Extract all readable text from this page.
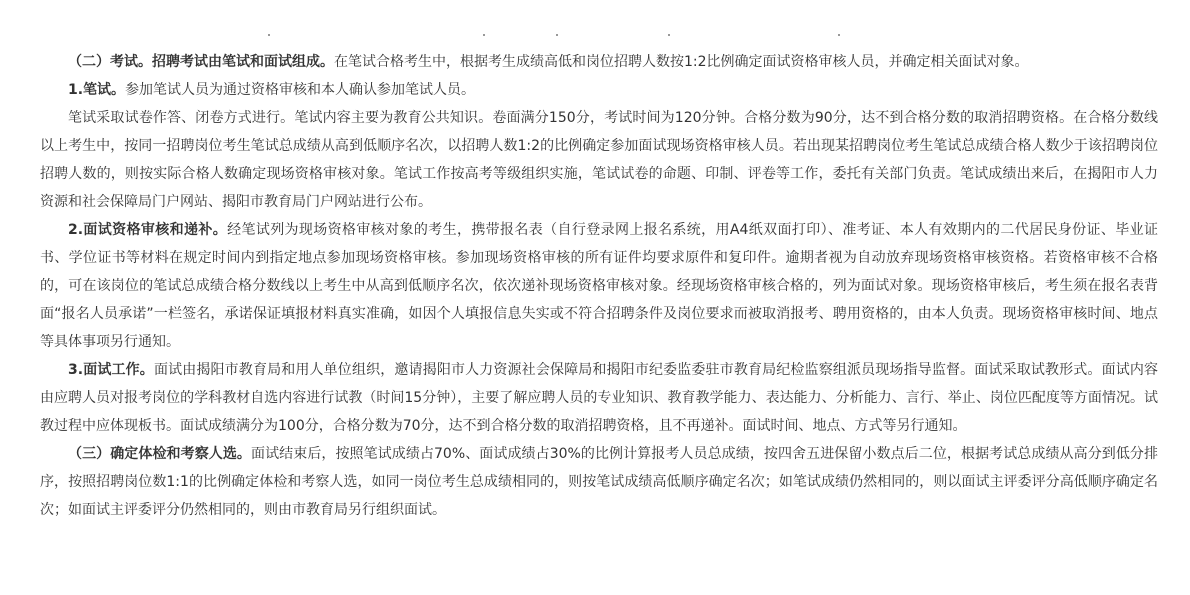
（二）考试。招聘考试由笔试和面试组成。在笔试合格考生中，根据考生成绩高低和岗位招聘人数按1:2比例确定面试资格审核人员，并确定相关面试对象。

1.笔试。参加笔试人员为通过资格审核和本人确认参加笔试人员。

笔试采取试卷作答、闭卷方式进行。笔试内容主要为教育公共知识。卷面满分150分，考试时间为120分钟。合格分数为90分，达不到合格分数的取消招聘资格。在合格分数线以上考生中，按同一招聘岗位考生笔试总成绩从高到低顺序名次，以招聘人数1:2的比例确定参加面试现场资格审核人员。若出现某招聘岗位考生笔试总成绩合格人数少于该招聘岗位招聘人数的，则按实际合格人数确定现场资格审核对象。笔试工作按高考等级组织实施，笔试试卷的命题、印制、评卷等工作，委托有关部门负责。笔试成绩出来后，在揭阳市人力资源和社会保障局门户网站、揭阳市教育局门户网站进行公布。

2.面试资格审核和递补。经笔试列为现场资格审核对象的考生，携带报名表（自行登录网上报名系统，用A4纸双面打印）、准考证、本人有效期内的二代居民身份证、毕业证书、学位证书等材料在规定时间内到指定地点参加现场资格审核。参加现场资格审核的所有证件均要求原件和复印件。逾期者视为自动放弃现场资格审核资格。若资格审核不合格的，可在该岗位的笔试总成绩合格分数线以上考生中从高到低顺序名次，依次递补现场资格审核对象。经现场资格审核合格的，列为面试对象。现场资格审核后，考生须在报名表背面“报名人员承诺”一栏签名，承诺保证填报材料真实准确，如因个人填报信息失实或不符合招聘条件及岗位要求而被取消报考、聘用资格的，由本人负责。现场资格审核时间、地点等具体事项另行通知。

3.面试工作。面试由揭阳市教育局和用人单位组织，邀请揭阳市人力资源社会保障局和揭阳市纪委监委驻市教育局纪检监察组派员现场指导监督。面试采取试教形式。面试内容由应聘人员对报考岗位的学科教材自选内容进行试教（时间15分钟），主要了解应聘人员的专业知识、教育教学能力、表达能力、分析能力、言行、举止、岗位匹配度等方面情况。试教过程中应体现板书。面试成绩满分为100分，合格分数为70分，达不到合格分数的取消招聘资格，且不再递补。面试时间、地点、方式等另行通知。

（三）确定体检和考察人选。面试结束后，按照笔试成绩占70%、面试成绩占30%的比例计算报考人员总成绩，按四舍五进保留小数点后二位，根据考试总成绩从高分到低分排序，按照招聘岗位数1:1的比例确定体检和考察人选，如同一岗位考生总成绩相同的，则按笔试成绩高低顺序确定名次；如笔试成绩仍然相同的，则以面试主评委评分高低顺序确定名次；如面试主评委评分仍然相同的，则由市教育局另行组织面试。
